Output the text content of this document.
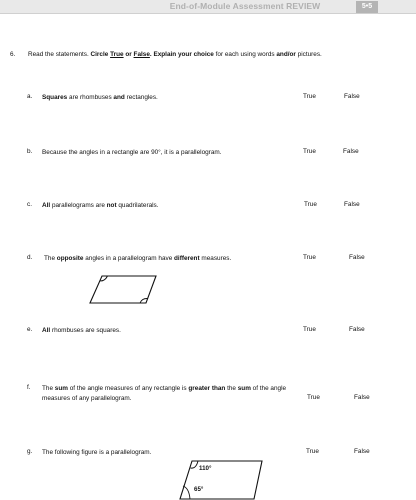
End-of-Module Assessment REVIEW	5•5
6. Read the statements. Circle True or False. Explain your choice for each using words and/or pictures.
a. Squares are rhombuses and rectangles.	True	False
b. Because the angles in a rectangle are 90°, it is a parallelogram.	True	False
c. All parallelograms are not quadrilaterals.	True	False
d. The opposite angles in a parallelogram have different measures.	True	False
e. All rhombuses are squares.	True	False
f. The sum of the angle measures of any rectangle is greater than the sum of the angle
measures of any parallelogram.	True	False
g. The following figure is a parallelogram.	True	False
110°
65°
